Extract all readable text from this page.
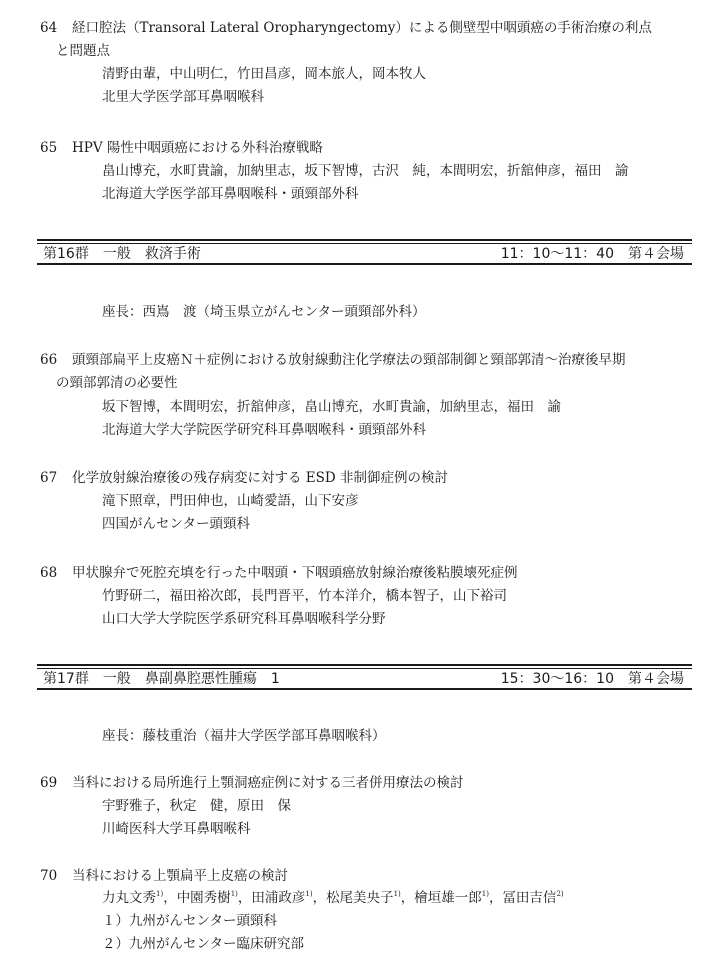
64 経口腔法（Transoral Lateral Oropharyngectomy）による側壁型中咽頭癌の手術治療の利点
と問題点
清野由輩，中山明仁，竹田昌彦，岡本旅人，岡本牧人
北里大学医学部耳鼻咽喉科
65 HPV 陽性中咽頭癌における外科治療戦略
畠山博充，水町貴諭，加納里志，坂下智博，古沢　純，本間明宏，折舘伸彦，福田　諭
北海道大学医学部耳鼻咽喉科・頭頸部外科
第16群　一般　救済手術	11：10〜11：40　第４会場
座長：西嶌　渡（埼玉県立がんセンター頭頸部外科）
66 頭頸部扁平上皮癌Ｎ＋症例における放射線動注化学療法の頸部制御と頸部郭清〜治療後早期
の頸部郭清の必要性
坂下智博，本間明宏，折舘伸彦，畠山博充，水町貴諭，加納里志，福田　諭
北海道大学大学院医学研究科耳鼻咽喉科・頭頸部外科
67 化学放射線治療後の残存病変に対する ESD 非制御症例の検討
滝下照章，門田伸也，山崎愛語，山下安彦
四国がんセンター頭頸科
68 甲状腺弁で死腔充填を行った中咽頭・下咽頭癌放射線治療後粘膜壊死症例
竹野研二，福田裕次郎，長門晋平，竹本洋介，橋本智子，山下裕司
山口大学大学院医学系研究科耳鼻咽喉科学分野
第17群　一般　鼻副鼻腔悪性腫瘍　1	15：30〜16：10　第４会場
座長：藤枝重治（福井大学医学部耳鼻咽喉科）
69 当科における局所進行上顎洞癌症例に対する三者併用療法の検討
宇野雅子，秋定　健，原田　保
川崎医科大学耳鼻咽喉科
70 当科における上顎扁平上皮癌の検討
力丸文秀$^{1)}$，中園秀樹$^{1)}$，田浦政彦$^{1)}$，松尾美央子$^{1)}$，檜垣雄一郎$^{1)}$，冨田吉信$^{2)}$
１）九州がんセンター頭頸科
２）九州がんセンター臨床研究部
